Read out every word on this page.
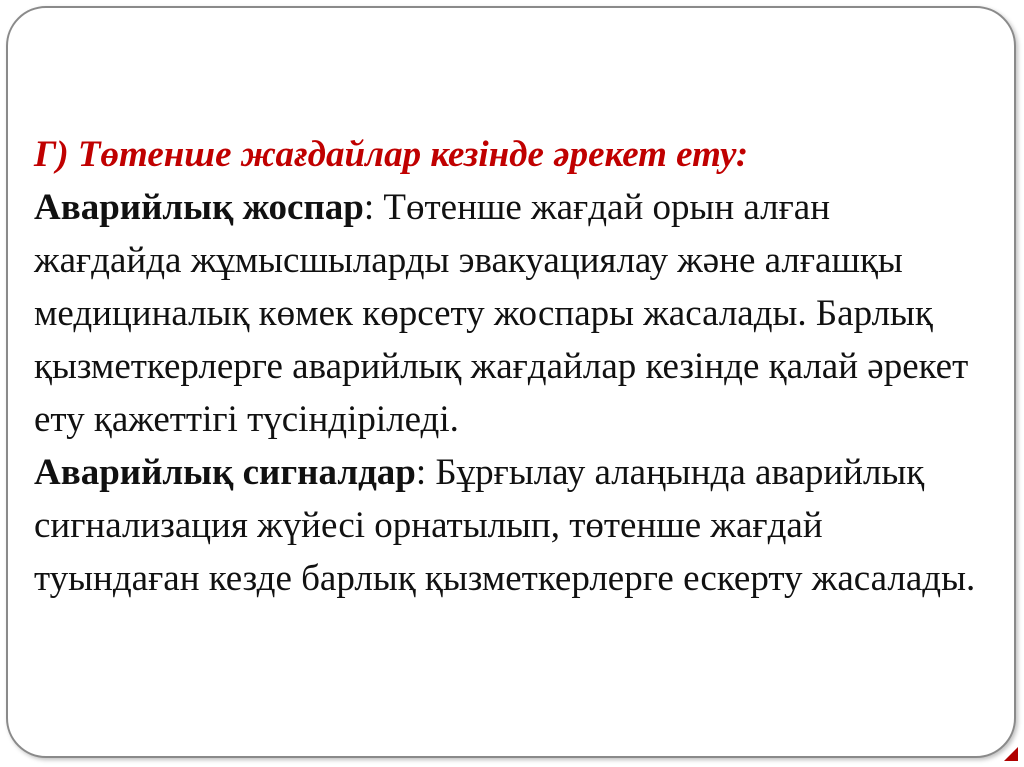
Г) Төтенше жағдайлар кезінде әрекет ету:

Аварийлық жоспар: Төтенше жағдай орын алған жағдайда жұмысшыларды эвакуациялау және алғашқы медициналық көмек көрсету жоспары жасалады. Барлық қызметкерлерге аварийлық жағдайлар кезінде қалай әрекет ету қажеттігі түсіндіріледі.

Аварийлық сигналдар: Бұрғылау алаңында аварийлық сигнализация жүйесі орнатылып, төтенше жағдай туындаған кезде барлық қызметкерлерге ескерту жасалады.
